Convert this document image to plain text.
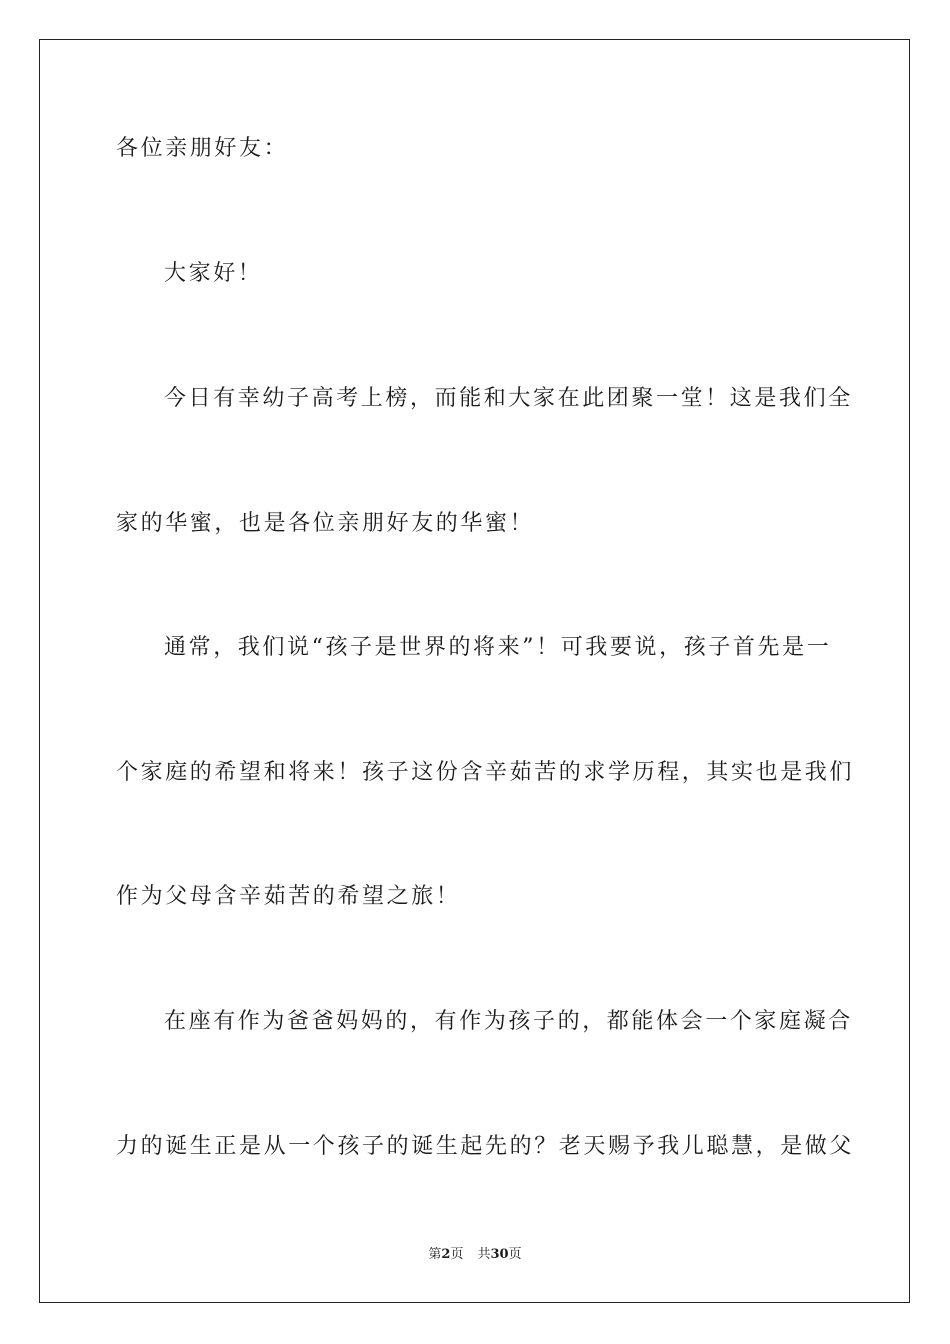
各位亲朋好友：
大家好！
今日有幸幼子高考上榜，而能和大家在此团聚一堂！这是我们全
家的华蜜，也是各位亲朋好友的华蜜！
通常，我们说“孩子是世界的将来”！可我要说，孩子首先是一
个家庭的希望和将来！孩子这份含辛茹苦的求学历程，其实也是我们
作为父母含辛茹苦的希望之旅！
在座有作为爸爸妈妈的，有作为孩子的，都能体会一个家庭凝合
力的诞生正是从一个孩子的诞生起先的？老天赐予我儿聪慧，是做父
第2页 共30页
